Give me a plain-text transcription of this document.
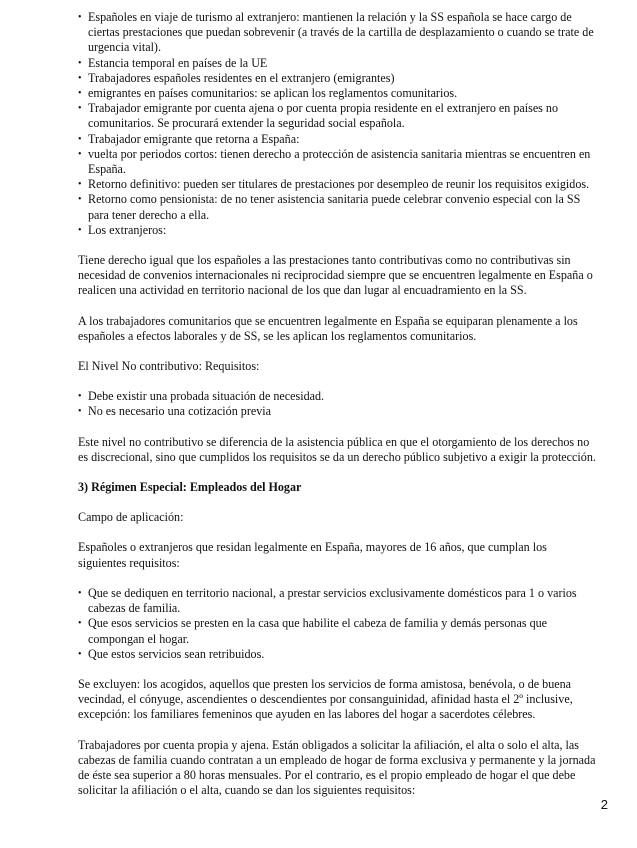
• Españoles en viaje de turismo al extranjero: mantienen la relación y la SS española se hace cargo de ciertas prestaciones que puedan sobrevenir (a través de la cartilla de desplazamiento o cuando se trate de urgencia vital).
• Estancia temporal en países de la UE
• Trabajadores españoles residentes en el extranjero (emigrantes)
• emigrantes en países comunitarios: se aplican los reglamentos comunitarios.
• Trabajador emigrante por cuenta ajena o por cuenta propia residente en el extranjero en países no comunitarios. Se procurará extender la seguridad social española.
• Trabajador emigrante que retorna a España:
• vuelta por periodos cortos: tienen derecho a protección de asistencia sanitaria mientras se encuentren en España.
• Retorno definitivo: pueden ser titulares de prestaciones por desempleo de reunir los requisitos exigidos.
• Retorno como pensionista: de no tener asistencia sanitaria puede celebrar convenio especial con la SS para tener derecho a ella.
• Los extranjeros:

Tiene derecho igual que los españoles a las prestaciones tanto contributivas como no contributivas sin necesidad de convenios internacionales ni reciprocidad siempre que se encuentren legalmente en España o realicen una actividad en territorio nacional de los que dan lugar al encuadramiento en la SS.

A los trabajadores comunitarios que se encuentren legalmente en España se equiparan plenamente a los españoles a efectos laborales y de SS, se les aplican los reglamentos comunitarios.

El Nivel No contributivo: Requisitos:

• Debe existir una probada situación de necesidad.
• No es necesario una cotización previa

Este nivel no contributivo se diferencia de la asistencia pública en que el otorgamiento de los derechos no es discrecional, sino que cumplidos los requisitos se da un derecho público subjetivo a exigir la protección.

3) Régimen Especial: Empleados del Hogar

Campo de aplicación:

Españoles o extranjeros que residan legalmente en España, mayores de 16 años, que cumplan los siguientes requisitos:

• Que se dediquen en territorio nacional, a prestar servicios exclusivamente domésticos para 1 o varios cabezas de familia.
• Que esos servicios se presten en la casa que habilite el cabeza de familia y demás personas que compongan el hogar.
• Que estos servicios sean retribuidos.

Se excluyen: los acogidos, aquellos que presten los servicios de forma amistosa, benévola, o de buena vecindad, el cónyuge, ascendientes o descendientes por consanguinidad, afinidad hasta el 2º inclusive, excepción: los familiares femeninos que ayuden en las labores del hogar a sacerdotes célebres.

Trabajadores por cuenta propia y ajena. Están obligados a solicitar la afiliación, el alta o solo el alta, las cabezas de familia cuando contratan a un empleado de hogar de forma exclusiva y permanente y la jornada de éste sea superior a 80 horas mensuales. Por el contrario, es el propio empleado de hogar el que debe solicitar la afiliación o el alta, cuando se dan los siguientes requisitos:

2
